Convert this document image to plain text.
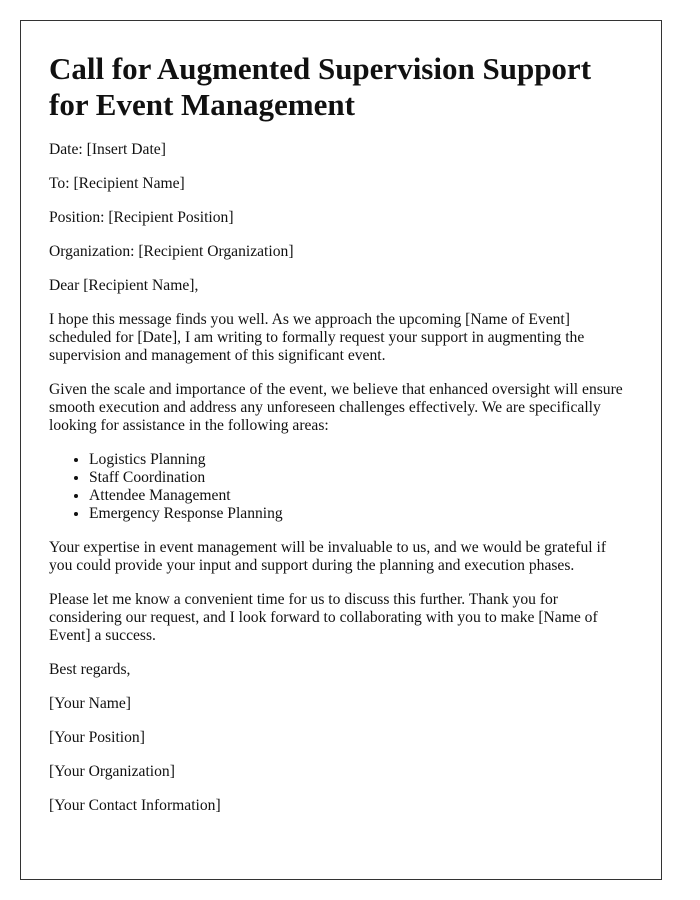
Call for Augmented Supervision Support for Event Management

Date: [Insert Date]

To: [Recipient Name]

Position: [Recipient Position]

Organization: [Recipient Organization]

Dear [Recipient Name],

I hope this message finds you well. As we approach the upcoming [Name of Event] scheduled for [Date], I am writing to formally request your support in augmenting the supervision and management of this significant event.

Given the scale and importance of the event, we believe that enhanced oversight will ensure smooth execution and address any unforeseen challenges effectively. We are specifically looking for assistance in the following areas:

• Logistics Planning
• Staff Coordination
• Attendee Management
• Emergency Response Planning

Your expertise in event management will be invaluable to us, and we would be grateful if you could provide your input and support during the planning and execution phases.

Please let me know a convenient time for us to discuss this further. Thank you for considering our request, and I look forward to collaborating with you to make [Name of Event] a success.

Best regards,

[Your Name]

[Your Position]

[Your Organization]

[Your Contact Information]
